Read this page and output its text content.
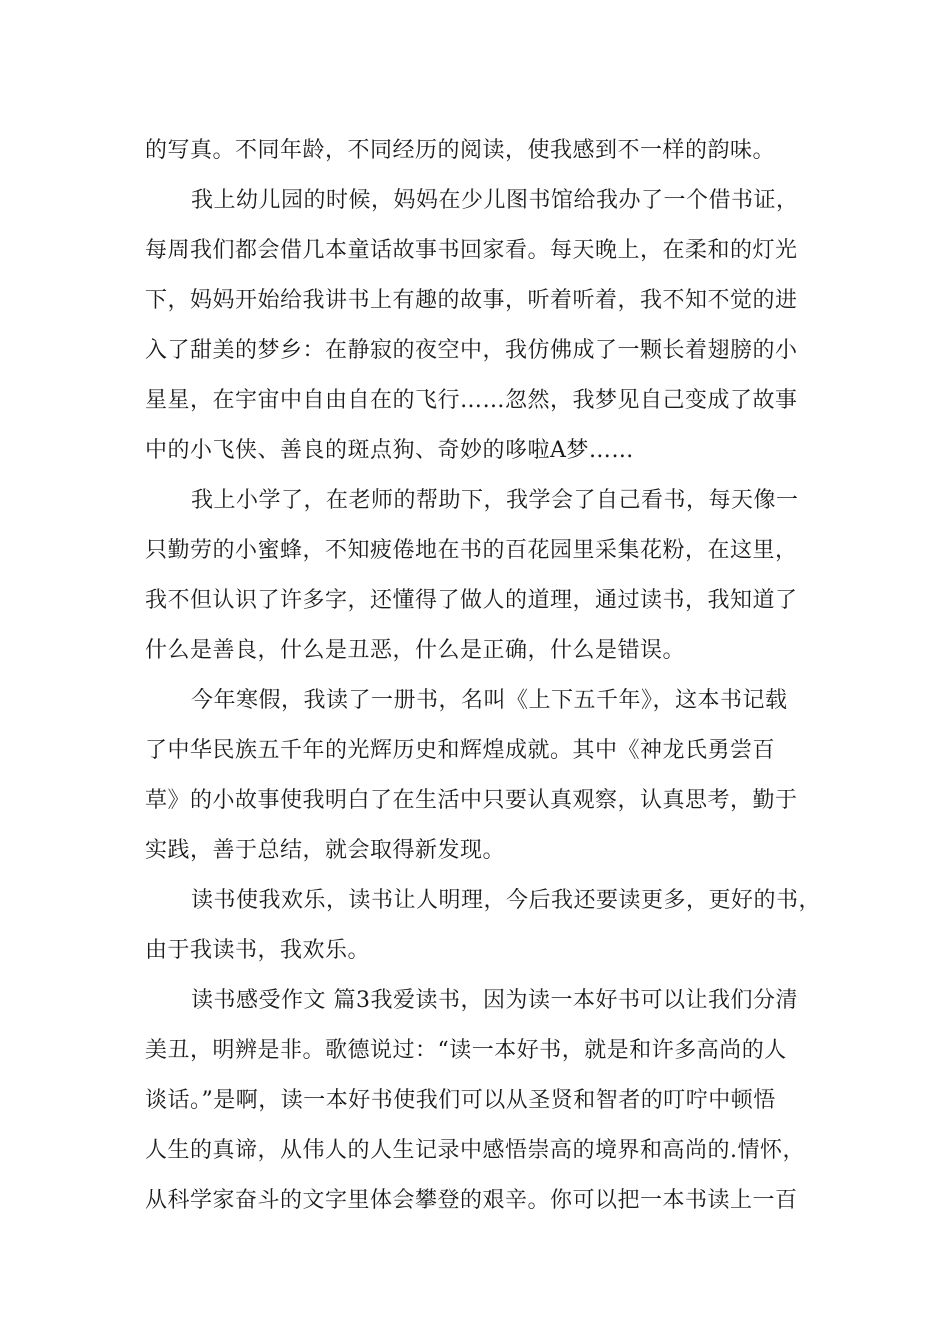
的写真。不同年龄，不同经历的阅读，使我感到不一样的韵味。
我上幼儿园的时候，妈妈在少儿图书馆给我办了一个借书证，
每周我们都会借几本童话故事书回家看。每天晚上，在柔和的灯光
下，妈妈开始给我讲书上有趣的故事，听着听着，我不知不觉的进
入了甜美的梦乡：在静寂的夜空中，我仿佛成了一颗长着翅膀的小
星星，在宇宙中自由自在的飞行……忽然，我梦见自己变成了故事
中的小飞侠、善良的斑点狗、奇妙的哆啦A梦……
我上小学了，在老师的帮助下，我学会了自己看书，每天像一
只勤劳的小蜜蜂，不知疲倦地在书的百花园里采集花粉，在这里，
我不但认识了许多字，还懂得了做人的道理，通过读书，我知道了
什么是善良，什么是丑恶，什么是正确，什么是错误。
今年寒假，我读了一册书，名叫《上下五千年》，这本书记载
了中华民族五千年的光辉历史和辉煌成就。其中《神龙氏勇尝百
草》的小故事使我明白了在生活中只要认真观察，认真思考，勤于
实践，善于总结，就会取得新发现。
读书使我欢乐，读书让人明理，今后我还要读更多，更好的书，
由于我读书，我欢乐。
读书感受作文 篇3我爱读书，因为读一本好书可以让我们分清
美丑，明辨是非。歌德说过：“读一本好书，就是和许多高尚的人
谈话。”是啊，读一本好书使我们可以从圣贤和智者的叮咛中顿悟
人生的真谛，从伟人的人生记录中感悟崇高的境界和高尚的.情怀，
从科学家奋斗的文字里体会攀登的艰辛。你可以把一本书读上一百
